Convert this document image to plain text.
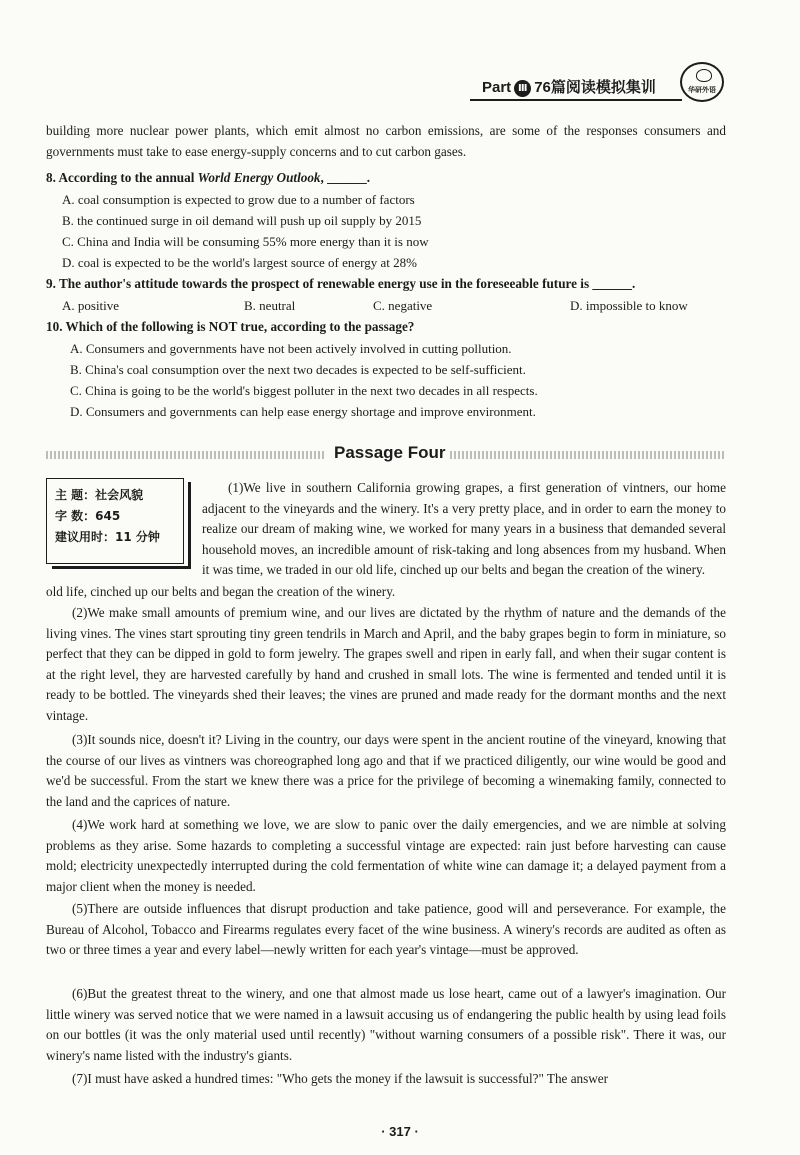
Part Ⅲ 76篇阅读模拟集训	华研外语
building more nuclear power plants, which emit almost no carbon emissions, are some of the responses consumers and governments must take to ease energy-supply concerns and to cut carbon gases.
8. According to the annual World Energy Outlook, ______.
A. coal consumption is expected to grow due to a number of factors
B. the continued surge in oil demand will push up oil supply by 2015
C. China and India will be consuming 55% more energy than it is now
D. coal is expected to be the world's largest source of energy at 28%
9. The author's attitude towards the prospect of renewable energy use in the foreseeable future is ______.
A. positive	B. neutral	C. negative	D. impossible to know
10. Which of the following is NOT true, according to the passage?
A. Consumers and governments have not been actively involved in cutting pollution.
B. China's coal consumption over the next two decades is expected to be self-sufficient.
C. China is going to be the world's biggest polluter in the next two decades in all respects.
D. Consumers and governments can help ease energy shortage and improve environment.
Passage Four
主 题：社会风貌
字 数：645
建议用时：11 分钟
(1)We live in southern California growing grapes, a first generation of vintners, our home adjacent to the vineyards and the winery. It's a very pretty place, and in order to earn the money to realize our dream of making wine, we worked for many years in a business that demanded several household moves, an incredible amount of risk-taking and long absences from my husband. When it was time, we traded in our old life, cinched up our belts and began the creation of the winery.
old life, cinched up our belts and began the creation of the winery.
(2)We make small amounts of premium wine, and our lives are dictated by the rhythm of nature and the demands of the living vines. The vines start sprouting tiny green tendrils in March and April, and the baby grapes begin to form in miniature, so perfect that they can be dipped in gold to form jewelry. The grapes swell and ripen in early fall, and when their sugar content is at the right level, they are harvested carefully by hand and crushed in small lots. The wine is fermented and tended until it is ready to be bottled. The vineyards shed their leaves; the vines are pruned and made ready for the dormant months and the next vintage.
(3)It sounds nice, doesn't it? Living in the country, our days were spent in the ancient routine of the vineyard, knowing that the course of our lives as vintners was choreographed long ago and that if we practiced diligently, our wine would be good and we'd be successful. From the start we knew there was a price for the privilege of becoming a winemaking family, connected to the land and the caprices of nature.
(4)We work hard at something we love, we are slow to panic over the daily emergencies, and we are nimble at solving problems as they arise. Some hazards to completing a successful vintage are expected: rain just before harvesting can cause mold; electricity unexpectedly interrupted during the cold fermentation of white wine can damage it; a delayed payment from a major client when the money is needed.
(5)There are outside influences that disrupt production and take patience, good will and perseverance. For example, the Bureau of Alcohol, Tobacco and Firearms regulates every facet of the wine business. A winery's records are audited as often as two or three times a year and every label—newly written for each year's vintage—must be approved.
(6)But the greatest threat to the winery, and one that almost made us lose heart, came out of a lawyer's imagination. Our little winery was served notice that we were named in a lawsuit accusing us of endangering the public health by using lead foils on our bottles (it was the only material used until recently) "without warning consumers of a possible risk". There it was, our winery's name listed with the industry's giants.
(7)I must have asked a hundred times: "Who gets the money if the lawsuit is successful?" The answer
· 317 ·
